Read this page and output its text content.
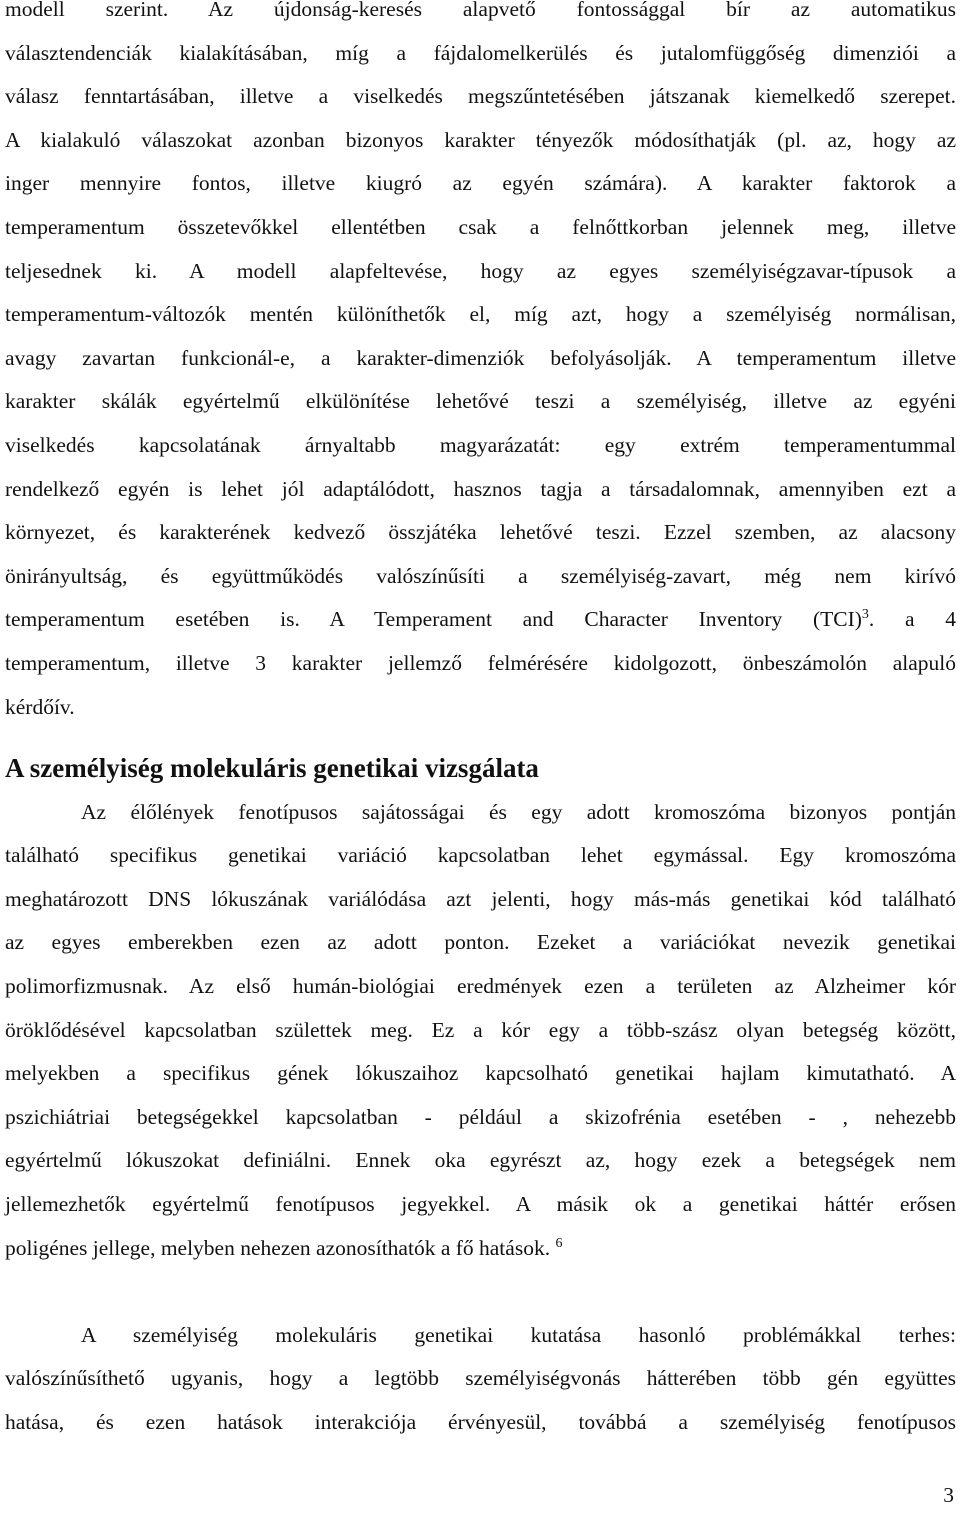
modell szerint. Az újdonság-keresés alapvető fontossággal bír az automatikus
választendenciák kialakításában, míg a fájdalomelkerülés és jutalomfüggőség dimenziói a
válasz fenntartásában, illetve a viselkedés megszűntetésében játszanak kiemelkedő szerepet.
A kialakuló válaszokat azonban bizonyos karakter tényezők módosíthatják (pl. az, hogy az
inger mennyire fontos, illetve kiugró az egyén számára). A karakter faktorok a
temperamentum összetevőkkel ellentétben csak a felnőttkorban jelennek meg, illetve
teljesednek ki. A modell alapfeltevése, hogy az egyes személyiségzavar-típusok a
temperamentum-változók mentén különíthetők el, míg azt, hogy a személyiség normálisan,
avagy zavartan funkcionál-e, a karakter-dimenziók befolyásolják. A temperamentum illetve
karakter skálák egyértelmű elkülönítése lehetővé teszi a személyiség, illetve az egyéni
viselkedés kapcsolatának árnyaltabb magyarázatát: egy extrém temperamentummal
rendelkező egyén is lehet jól adaptálódott, hasznos tagja a társadalomnak, amennyiben ezt a
környezet, és karakterének kedvező összjátéka lehetővé teszi. Ezzel szemben, az alacsony
önirányultság, és együttműködés valószínűsíti a személyiség-zavart, még nem kirívó
temperamentum esetében is. A Temperament and Character Inventory (TCI)$^3$. a 4
temperamentum, illetve 3 karakter jellemző felmérésére kidolgozott, önbeszámolón alapuló
kérdőív.
A személyiség molekuláris genetikai vizsgálata
Az élőlények fenotípusos sajátosságai és egy adott kromoszóma bizonyos pontján
található specifikus genetikai variáció kapcsolatban lehet egymással. Egy kromoszóma
meghatározott DNS lókuszának variálódása azt jelenti, hogy más-más genetikai kód található
az egyes emberekben ezen az adott ponton. Ezeket a variációkat nevezik genetikai
polimorfizmusnak. Az első humán-biológiai eredmények ezen a területen az Alzheimer kór
öröklődésével kapcsolatban születtek meg. Ez a kór egy a több-szász olyan betegség között,
melyekben a specifikus gének lókuszaihoz kapcsolható genetikai hajlam kimutatható. A
pszichiátriai betegségekkel kapcsolatban - például a skizofrénia esetében - , nehezebb
egyértelmű lókuszokat definiálni. Ennek oka egyrészt az, hogy ezek a betegségek nem
jellemezhetők egyértelmű fenotípusos jegyekkel. A másik ok a genetikai háttér erősen
poligénes jellege, melyben nehezen azonosíthatók a fő hatások. $^6$
A személyiség molekuláris genetikai kutatása hasonló problémákkal terhes:
valószínűsíthető ugyanis, hogy a legtöbb személyiségvonás hátterében több gén együttes
hatása, és ezen hatások interakciója érvényesül, továbbá a személyiség fenotípusos
3
